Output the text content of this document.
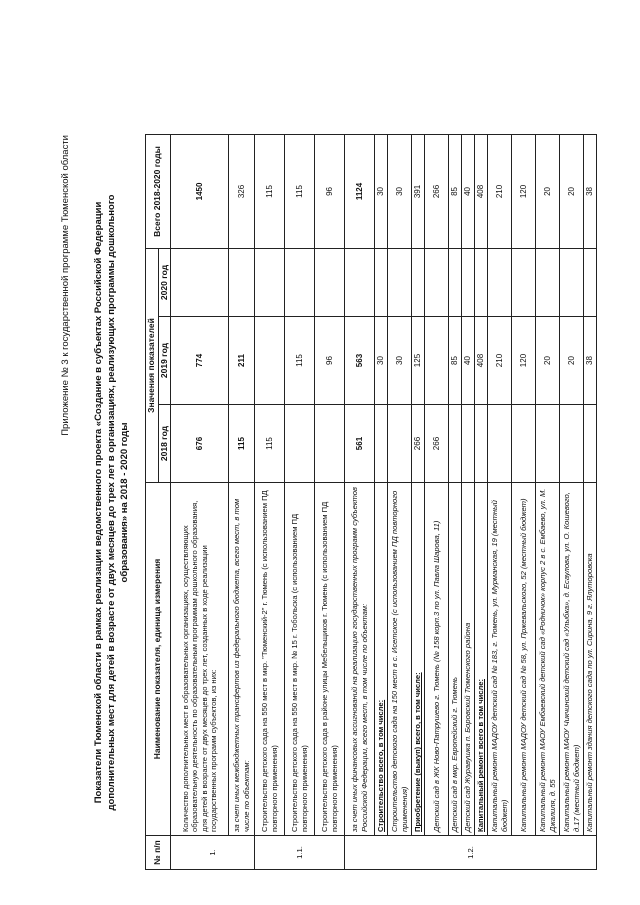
Приложение № 3 к государственной программе Тюменской области Показатели Тюменской области в рамках реализации ведомственного проекта «Создание в субъектах Российской Федерации дополнительных мест для детей в возрасте от двух месяцев до трех лет в организациях, реализующих программы дошкольного образования» на 2018 - 2020 годы
№ п/п	Наименование показателя, единица измерения	Значения показателей			Всего 2018-2020 годы
		2018 год	2019 год	2020 год	
1.	Количество дополнительных мест в образовательных организациях, осуществляющих образовательную деятельность по образовательным программам дошкольного образования, для детей в возрасте от двух месяцев до трех лет, созданных в ходе реализации государственных программ субъектов, из них:	676	774		1450
	за счет иных межбюджетных трансфертов из федерального бюджета, всего мест, в том числе по объектам:	115	211		326
1.1.	Строительство детского сада на 550 мест в мкр. "Тюменский-2" г. Тюмень (с использованием ПД повторного применения)	115			115
	Строительство детского сада на 550 мест в мкр. № 15 г. Тобольска (с использованием ПД повторного применения)		115		115
	Строительство детского сада в районе улицы Мебельщиков г. Тюмень (с использованием ПД повторного применения)		96		96
1.2.	за счет иных финансовых ассигнований на реализацию государственных программ субъектов Российской Федерации, всего мест, в том числе по объектам:	561	563		1124
	Строительство всего, в том числе:		30		30
	Строительство детского сада на 150 мест в с. Исетское (с использованием ПД повторного применения)		30		30
	Приобретение (выкуп) всего, в том числе:	266	125		391
	Детский сад в ЖК Ново-Патрушево г. Тюмень (№ 158 корп.3 по ул. Павла Шарова, 11)	266			266
	Детский сад в мкр. Европейский г. Тюмень		85		85
	Детский сад Журавушка п. Боровский Тюменского района		40		40
	Капитальный ремонт всего в том числе:		408		408
	Капитальный ремонт МАДОУ детский сад № 183, г. Тюмень, ул. Мурманская, 19 (местный бюджет)		210		210
	Капитальный ремонт МАДОУ детский сад № 58, ул. Пржевальского, 52 (местный бюджет)		120		120
	Капитальный ремонт МАОУ Ембаевский детский сад «Родничок» корпус 2 в с. Ембаево, ул. М. Джалиля, д. 55		20		20
	Капитальный ремонт МАОУ Чикчинский детский сад «Улыбка», д. Есаулова, ул. О. Кошевого, д.17 (местный бюджет)		20		20
	Капитальный ремонт здания детского сада по ул. Сирина, 9 г. Ялуторовска		38		38
